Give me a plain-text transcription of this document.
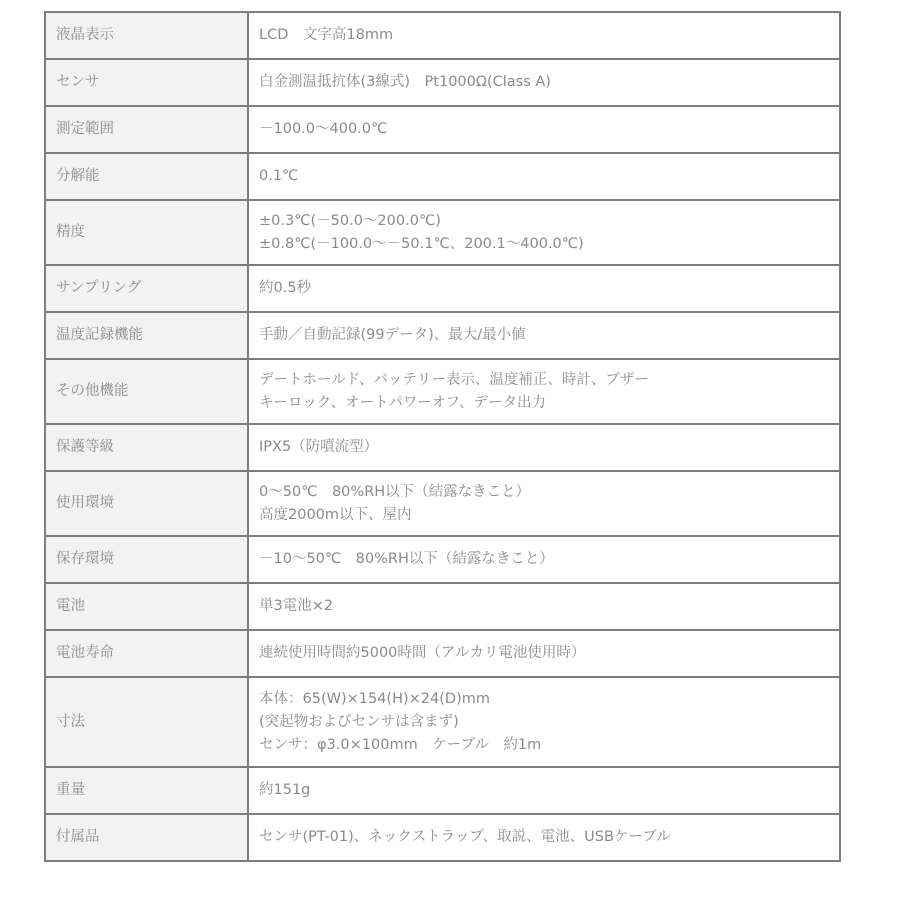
液晶表示	LCD　文字高18mm
センサ	白金測温抵抗体(3線式)　Pt1000Ω(Class A)
測定範囲	－100.0～400.0℃
分解能	0.1℃
精度	±0.3℃(－50.0～200.0℃)
±0.8℃(－100.0～－50.1℃、200.1～400.0℃)
サンプリング	約0.5秒
温度記録機能	手動／自動記録(99データ)、最大/最小値
その他機能	デートホールド、バッテリー表示、温度補正、時計、ブザー
キーロック、オートパワーオフ、データ出力
保護等級	IPX5（防噴流型）
使用環境	0～50℃　80%RH以下（結露なきこと）
高度2000m以下、屋内
保存環境	－10～50℃　80%RH以下（結露なきこと）
電池	単3電池×2
電池寿命	連続使用時間約5000時間（アルカリ電池使用時）
寸法	本体：65(W)×154(H)×24(D)mm
(突起物およびセンサは含まず)
センサ：φ3.0×100mm　ケーブル　約1m
重量	約151g
付属品	センサ(PT-01)、ネックストラップ、取説、電池、USBケーブル
